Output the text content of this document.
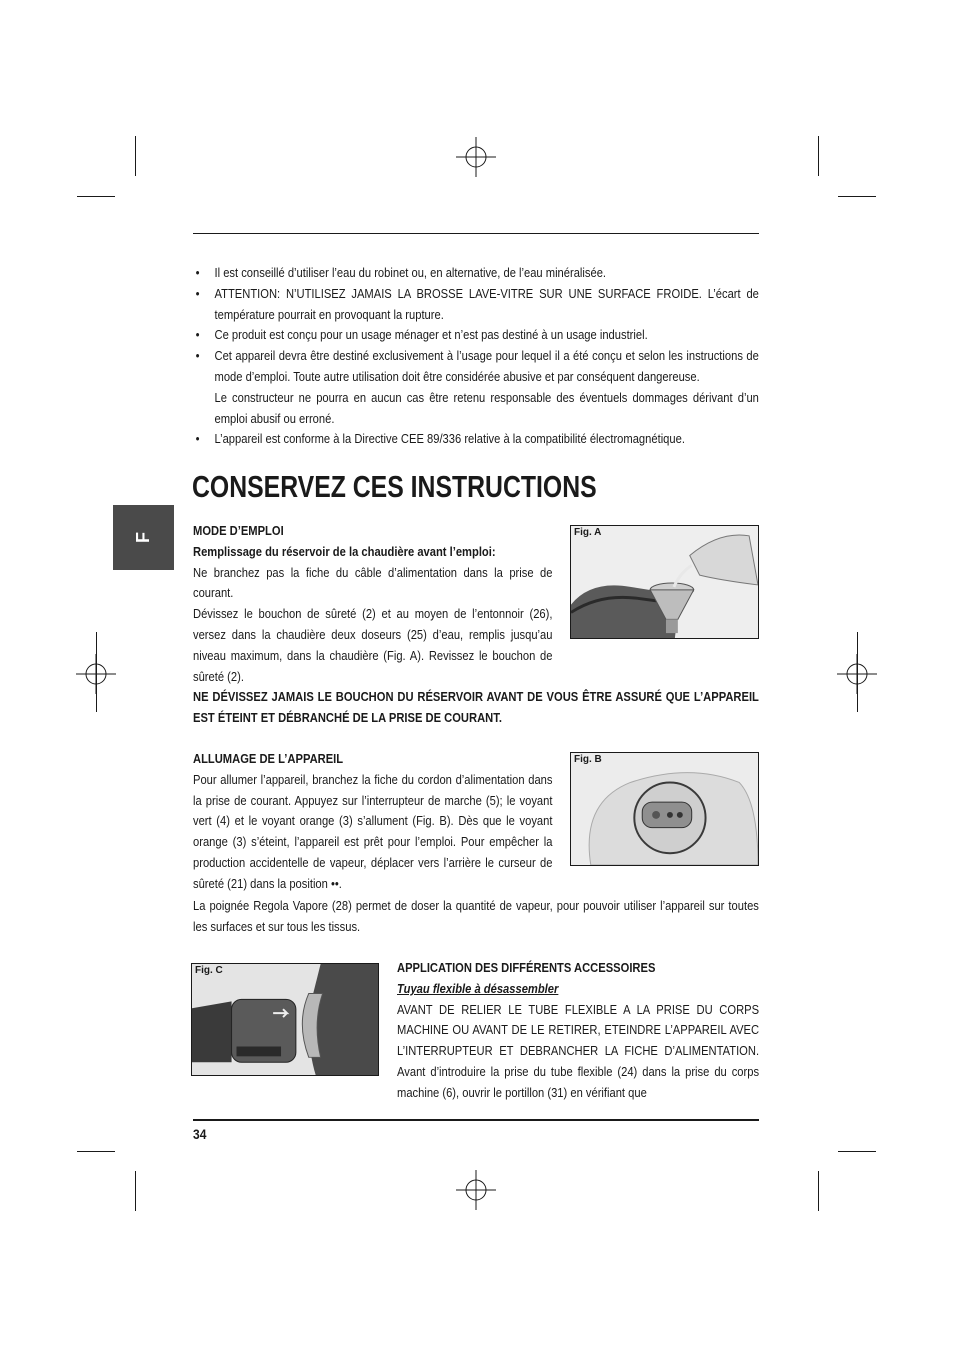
F

• Il est conseillé d’utiliser l’eau du robinet ou, en alternative, de l’eau minéralisée.

• ATTENTION: N’UTILISEZ JAMAIS LA BROSSE LAVE-VITRE SUR UNE SURFACE FROIDE. L’écart de température pourrait en provoquant la rupture.

• Ce produit est conçu pour un usage ménager et n’est pas destiné à un usage industriel.

• Cet appareil devra être destiné exclusivement à l’usage pour lequel il a été conçu et selon les instructions de mode d’emploi. Toute autre utilisation doit être considérée abusive et par conséquent dangereuse.

Le constructeur ne pourra en aucun cas être retenu responsable des éventuels dommages dérivant d’un emploi abusif ou erroné.

• L’appareil est conforme à la Directive CEE 89/336 relative à la compatibilité électromagnétique.

CONSERVEZ CES INSTRUCTIONS

MODE D’EMPLOI

Remplissage du réservoir de la chaudière avant l’emploi:

Ne branchez pas la fiche du câble d’alimentation dans la prise de courant.

Dévissez le bouchon de sûreté (2) et au moyen de l’entonnoir (26), versez dans la chaudière deux doseurs (25) d’eau, remplis jusqu’au niveau maximum, dans la chaudière (Fig. A). Revissez le bouchon de sûreté (2).

NE DÉVISSEZ JAMAIS LE BOUCHON DU RÉSERVOIR AVANT DE VOUS ÊTRE ASSURÉ QUE L’APPAREIL EST ÉTEINT ET DÉBRANCHÉ DE LA PRISE DE COURANT.

Fig. A

ALLUMAGE DE L’APPAREIL

Pour allumer l’appareil, branchez la fiche du cordon d’alimentation dans la prise de courant. Appuyez sur l’interrupteur de marche (5); le voyant vert (4) et le voyant orange (3) s’allument (Fig. B). Dès que le voyant orange (3) s’éteint, l’appareil est prêt pour l’emploi. Pour empêcher la production accidentelle de vapeur, déplacer vers l’arrière le curseur de sûreté (21) dans la position ••.

La poignée Regola Vapore (28) permet de doser la quantité de vapeur, pour pouvoir utiliser l’appareil sur toutes les surfaces et sur tous les tissus.

Fig. B
Fig. C	APPLICATION DES DIFFÉRENTS ACCESSOIRES

Tuyau flexible à désassembler

AVANT DE RELIER LE TUBE FLEXIBLE A LA PRISE DU CORPS MACHINE OU AVANT DE LE RETIRER, ETEINDRE L’APPAREIL AVEC L’INTERRUPTEUR ET DEBRANCHER LA FICHE D’ALIMENTATION. Avant d’introduire la prise du tube flexible (24) dans la prise du corps machine (6), ouvrir le portillon (31) en vérifiant que

34
